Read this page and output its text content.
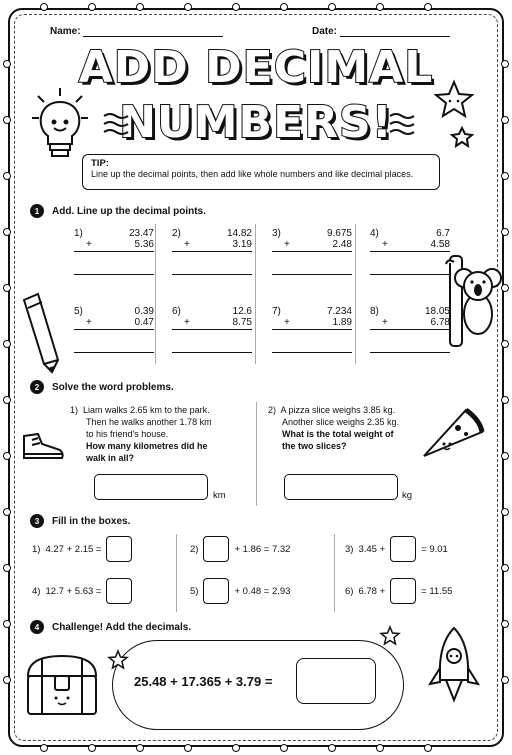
Name:	Date:
ADD DECIMAL
NUMBERS!
TIP:
Line up the decimal points, then add like whole numbers and like decimal places.
1	Add. Line up the decimal points.
1)	23.47
+	5.36
2)	14.82
+	3.19
3)	9.675
+	2.48
4)	6.7
+	4.58
5)	0.39
+	0.47
6)	12.6
+	8.75
7)	7.234
+	1.89
8)	18.05
+	6.78
2	Solve the word problems.
1) Liam walks 2.65 km to the park.
Then he walks another 1.78 km
to his friend's house.
How many kilometres did he
walk in all?
km
2) A pizza slice weighs 3.85 kg.
Another slice weighs 2.35 kg.
What is the total weight of
the two slices?
kg
3	Fill in the boxes.
1) 4.27 + 2.15 =	2)	+ 1.86 = 7.32	3) 3.45 +	= 9.01
4) 12.7 + 5.63 =	5)	+ 0.48 = 2.93	6) 6.78 +	= 11.55
4	Challenge! Add the decimals.
25.48 + 17.365 + 3.79 =
